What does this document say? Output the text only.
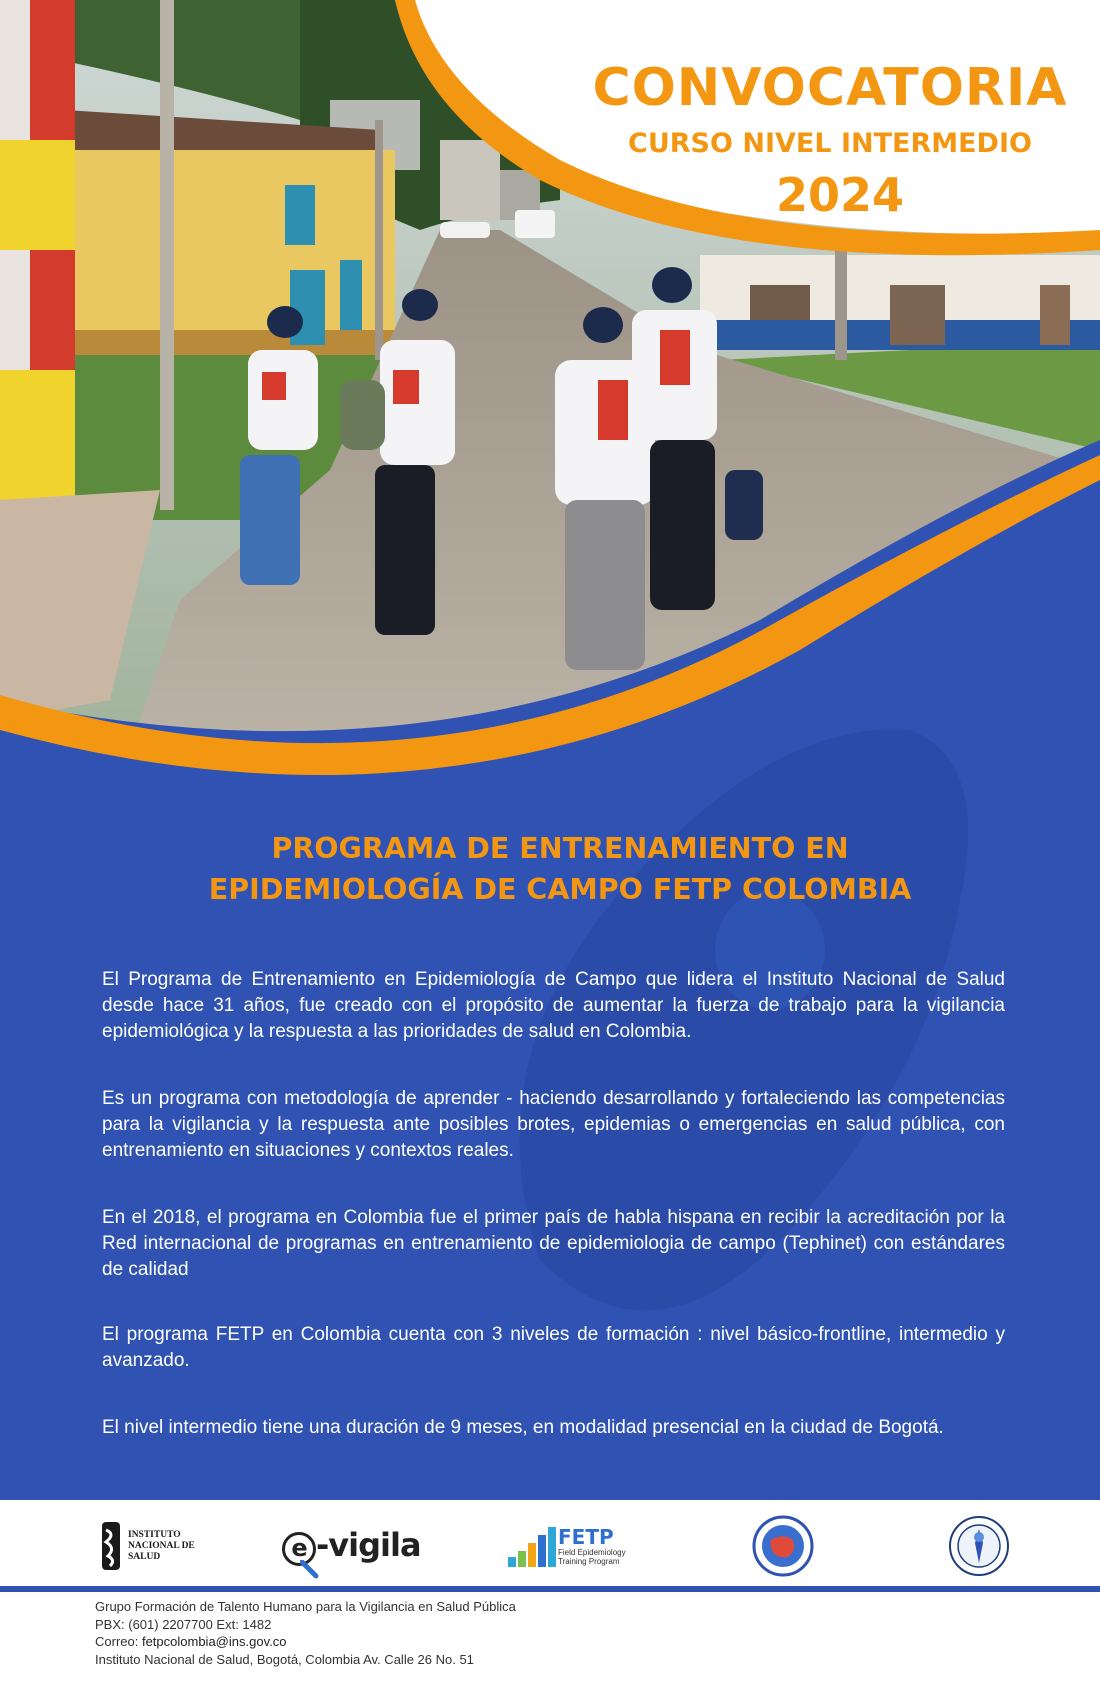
CONVOCATORIA
CURSO NIVEL INTERMEDIO
2024
PROGRAMA DE ENTRENAMIENTO EN
EPIDEMIOLOGÍA DE CAMPO FETP COLOMBIA

El Programa de Entrenamiento en Epidemiología de Campo que lidera el Instituto Nacional de Salud desde hace 31 años, fue creado con el propósito de aumentar la fuerza de trabajo para la vigilancia epidemiológica y la respuesta a las prioridades de salud en Colombia.

Es un programa con metodología de aprender - haciendo desarrollando y fortaleciendo las competencias para la vigilancia y la respuesta ante posibles brotes, epidemias o emergencias en salud pública, con entrenamiento en situaciones y contextos reales.

En el 2018, el programa en Colombia fue el primer país de habla hispana en recibir la acreditación por la Red internacional de programas en entrenamiento de epidemiologia de campo (Tephinet) con estándares de calidad

El programa FETP en Colombia cuenta con 3 niveles de formación : nivel básico-frontline, intermedio y avanzado.

El nivel intermedio tiene una duración de 9 meses, en modalidad presencial en la ciudad de Bogotá.

INSTITUTO
NACIONAL DE
SALUD	e -vigila	FETP
Field Epidemiology
Training Program
Grupo Formación de Talento Humano para la Vigilancia en Salud Pública
PBX: (601) 2207700 Ext: 1482
Correo: fetpcolombia@ins.gov.co
Instituto Nacional de Salud, Bogotá, Colombia Av. Calle 26 No. 51
